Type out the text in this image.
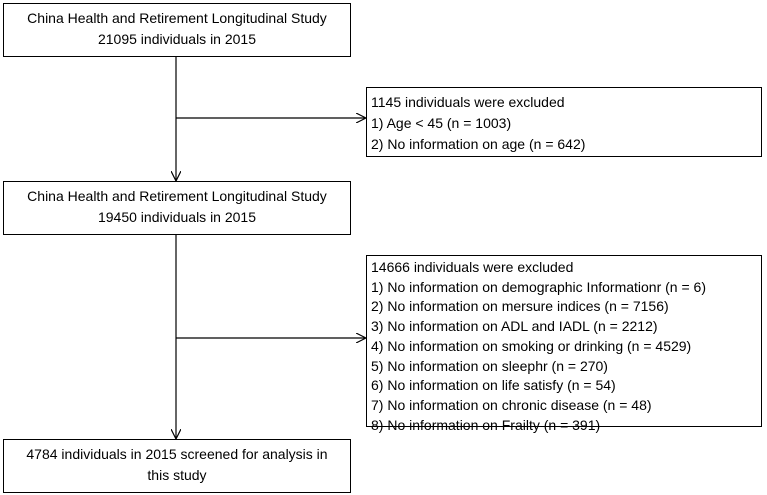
China Health and Retirement Longitudinal Study
21095 individuals in 2015
1145 individuals were excluded
1) Age < 45 (n = 1003)
2) No information on age (n = 642)
China Health and Retirement Longitudinal Study
19450 individuals in 2015
14666 individuals were excluded
1) No information on demographic Informationr (n = 6)
2) No information on mersure indices (n = 7156)
3) No information on ADL and IADL (n = 2212)
4) No information on smoking or drinking (n = 4529)
5) No information on sleephr (n = 270)
6) No information on life satisfy (n = 54)
7) No information on chronic disease (n = 48)
8) No information on Frailty (n = 391)
4784 individuals in 2015 screened for analysis in
this study
